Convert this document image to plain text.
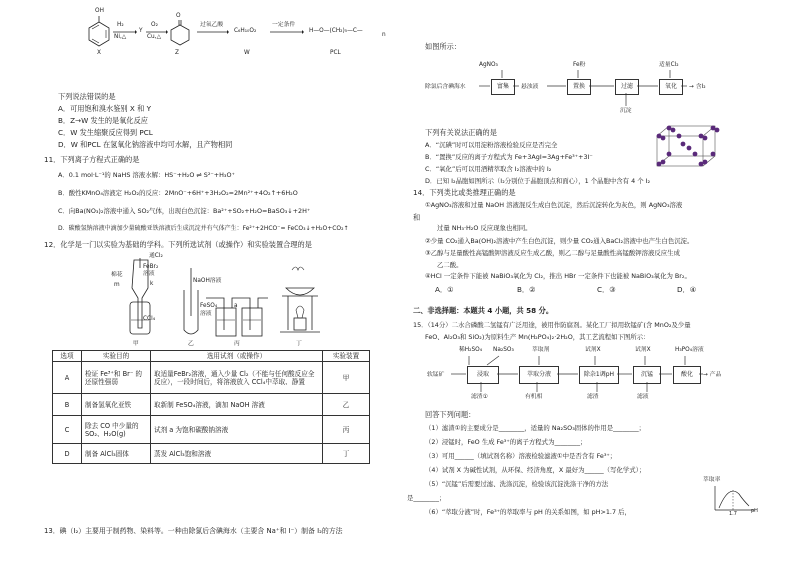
OH
X
H₂
Ni,△
Y
O₂
Cu,△
O
Z
过氧乙酸
C₆H₁₀O₂
W
一定条件
H—O—(CH₂)₅—C—
n
PCL
下列说法错误的是
A．可用饱和溴水鉴别 X 和 Y
B．Z→W 发生的是氧化反应
C．W 发生缩聚反应得到 PCL
D．W 和PCL 在氢氧化钠溶液中均可水解，且产物相同
11．下列离子方程式正确的是
A．0.1 mol·L⁻¹的 NaHS 溶液水解：HS⁻+H₂O ⇌ S²⁻+H₃O⁺
B．酸性KMnO₄溶液定 H₂O₂的反应：2MnO⁻+6H⁺+3H₂O₂=2Mn²⁺+4O₂↑+6H₂O
C．向Ba(NO₃)₂溶液中通入 SO₂气体，出现白色沉淀：Ba²⁺+SO₂+H₂O=BaSO₃↓+2H⁺
D．碳酸氢钠溶液中滴加少量硫酸亚铁溶液后生成沉淀并有气体产生：Fe²⁺+2HCO⁻= FeCO₃↓+H₂O+CO₂↑
12．化学是一门以实验为基础的学科。下列所选试剂（或操作）和实验装置合理的是
通Cl₂
FeBr₂
溶液
棉花
m	k
CCl₄
甲
NaOH溶液
FeSO₄
溶液
乙
a
丙	丁
选项	实验目的	选用试剂（或操作）	实验装置
A	检证 Fe³⁺和 Br⁻ 的还原性强弱	取适量FeBr₂溶液，通入少量 Cl₂（不能与任何酸反应全反应），一段时间后，将溶液放入 CCl₄中萃取、静置	甲
B	制备氢氧化亚铁	取新制 FeSO₄溶液，滴加 NaOH 溶液	乙
C	除去 CO 中少量的 SO₂、H₂O(g)	试剂 a 为饱和碳酸钠溶液	丙
D	制备 AlCl₃固体	蒸发 AlCl₃饱和溶液	丁
13．碘（I₂）主要用于制药物、染料等。一种由除氯后含碘海水（主要含 Na⁺和 I⁻）制备 I₂的方法
如图所示：
AgNO₃	Fe粉	适量Cl₂
除氯后含碘海水	富集	悬浊液	置换	过滤	氧化	→ 含I₂
沉淀
下列有关说法正确的是
A．“沉碘”时可以用淀粉溶液检验反应是否完全
B．“置换”反应的离子方程式为 Fe+3AgI=3Ag+Fe³⁺+3I⁻
C．“氧化”后可以用酒精萃取含 I₂溶液中的 I₂
D．已知 I₂晶胞如图所示（I₂分别位于晶胞顶点和面心），1 个晶胞中含有 4 个 I₂
14．下列类比或类推理正确的是
①AgNO₃溶液和过量 NaOH 溶液混反生成白色沉淀，然后沉淀转化为灰色，则 AgNO₃溶液
和
过量 NH₃·H₂O 反应现象也相同。
②少量 CO₂通入Ba(OH)₂溶液中产生白色沉淀，则少量 CO₂通入BaCl₂溶液中也产生白色沉淀。
③乙醇与足量酸性高锰酸钾溶液反应生成乙酸，则乙二醇与足量酸性高锰酸钾溶液反应生成
乙二酸。
④HCl 一定条件下能被 NaBiO₃氧化为 Cl₂，推出 HBr 一定条件下也能被 NaBiO₃氧化为 Br₂。
A．①	B．②	C．③	D．④
二、非选择题：本题共 4 小题，共 58 分。
15．（14分）二水合磷酸二氢锰有广泛用途，被用作防腐剂。某化工厂拟用软锰矿(含 MnO₂及少量
FeO、Al₂O₃和 SiO₂)为原料生产 Mn(H₂PO₄)₂·2H₂O，其工艺流程如下图所示：
稀H₂SO₄ Na₂SO₃	萃取剂	试剂X	试剂X	H₃PO₄溶液
软锰矿	浸取	萃取分液	除杂1调pH	沉锰	酸化	→ 产品
滤渣①	有机相	滤渣	滤液
回答下列问题：
（1）滤渣①的主要成分是________，适量的 Na₂SO₃固体的作用是________；
（2）浸锰时，FeO 生成 Fe³⁺的离子方程式为________；
（3）可用______（填试剂名称）溶液检验滤液①中是否含有 Fe³⁺；
（4）试剂 X 为碱性试剂，从环保、经济角度，X 最好为______（写化学式）；
（5）“沉锰”后需要过滤、洗涤沉淀，检验该沉淀洗涤干净的方法
是________；
（6）“萃取分液”时，Fe³⁺的萃取率与 pH 的关系如图，如 pH>1.7 后，
萃取率
1.7	pH
